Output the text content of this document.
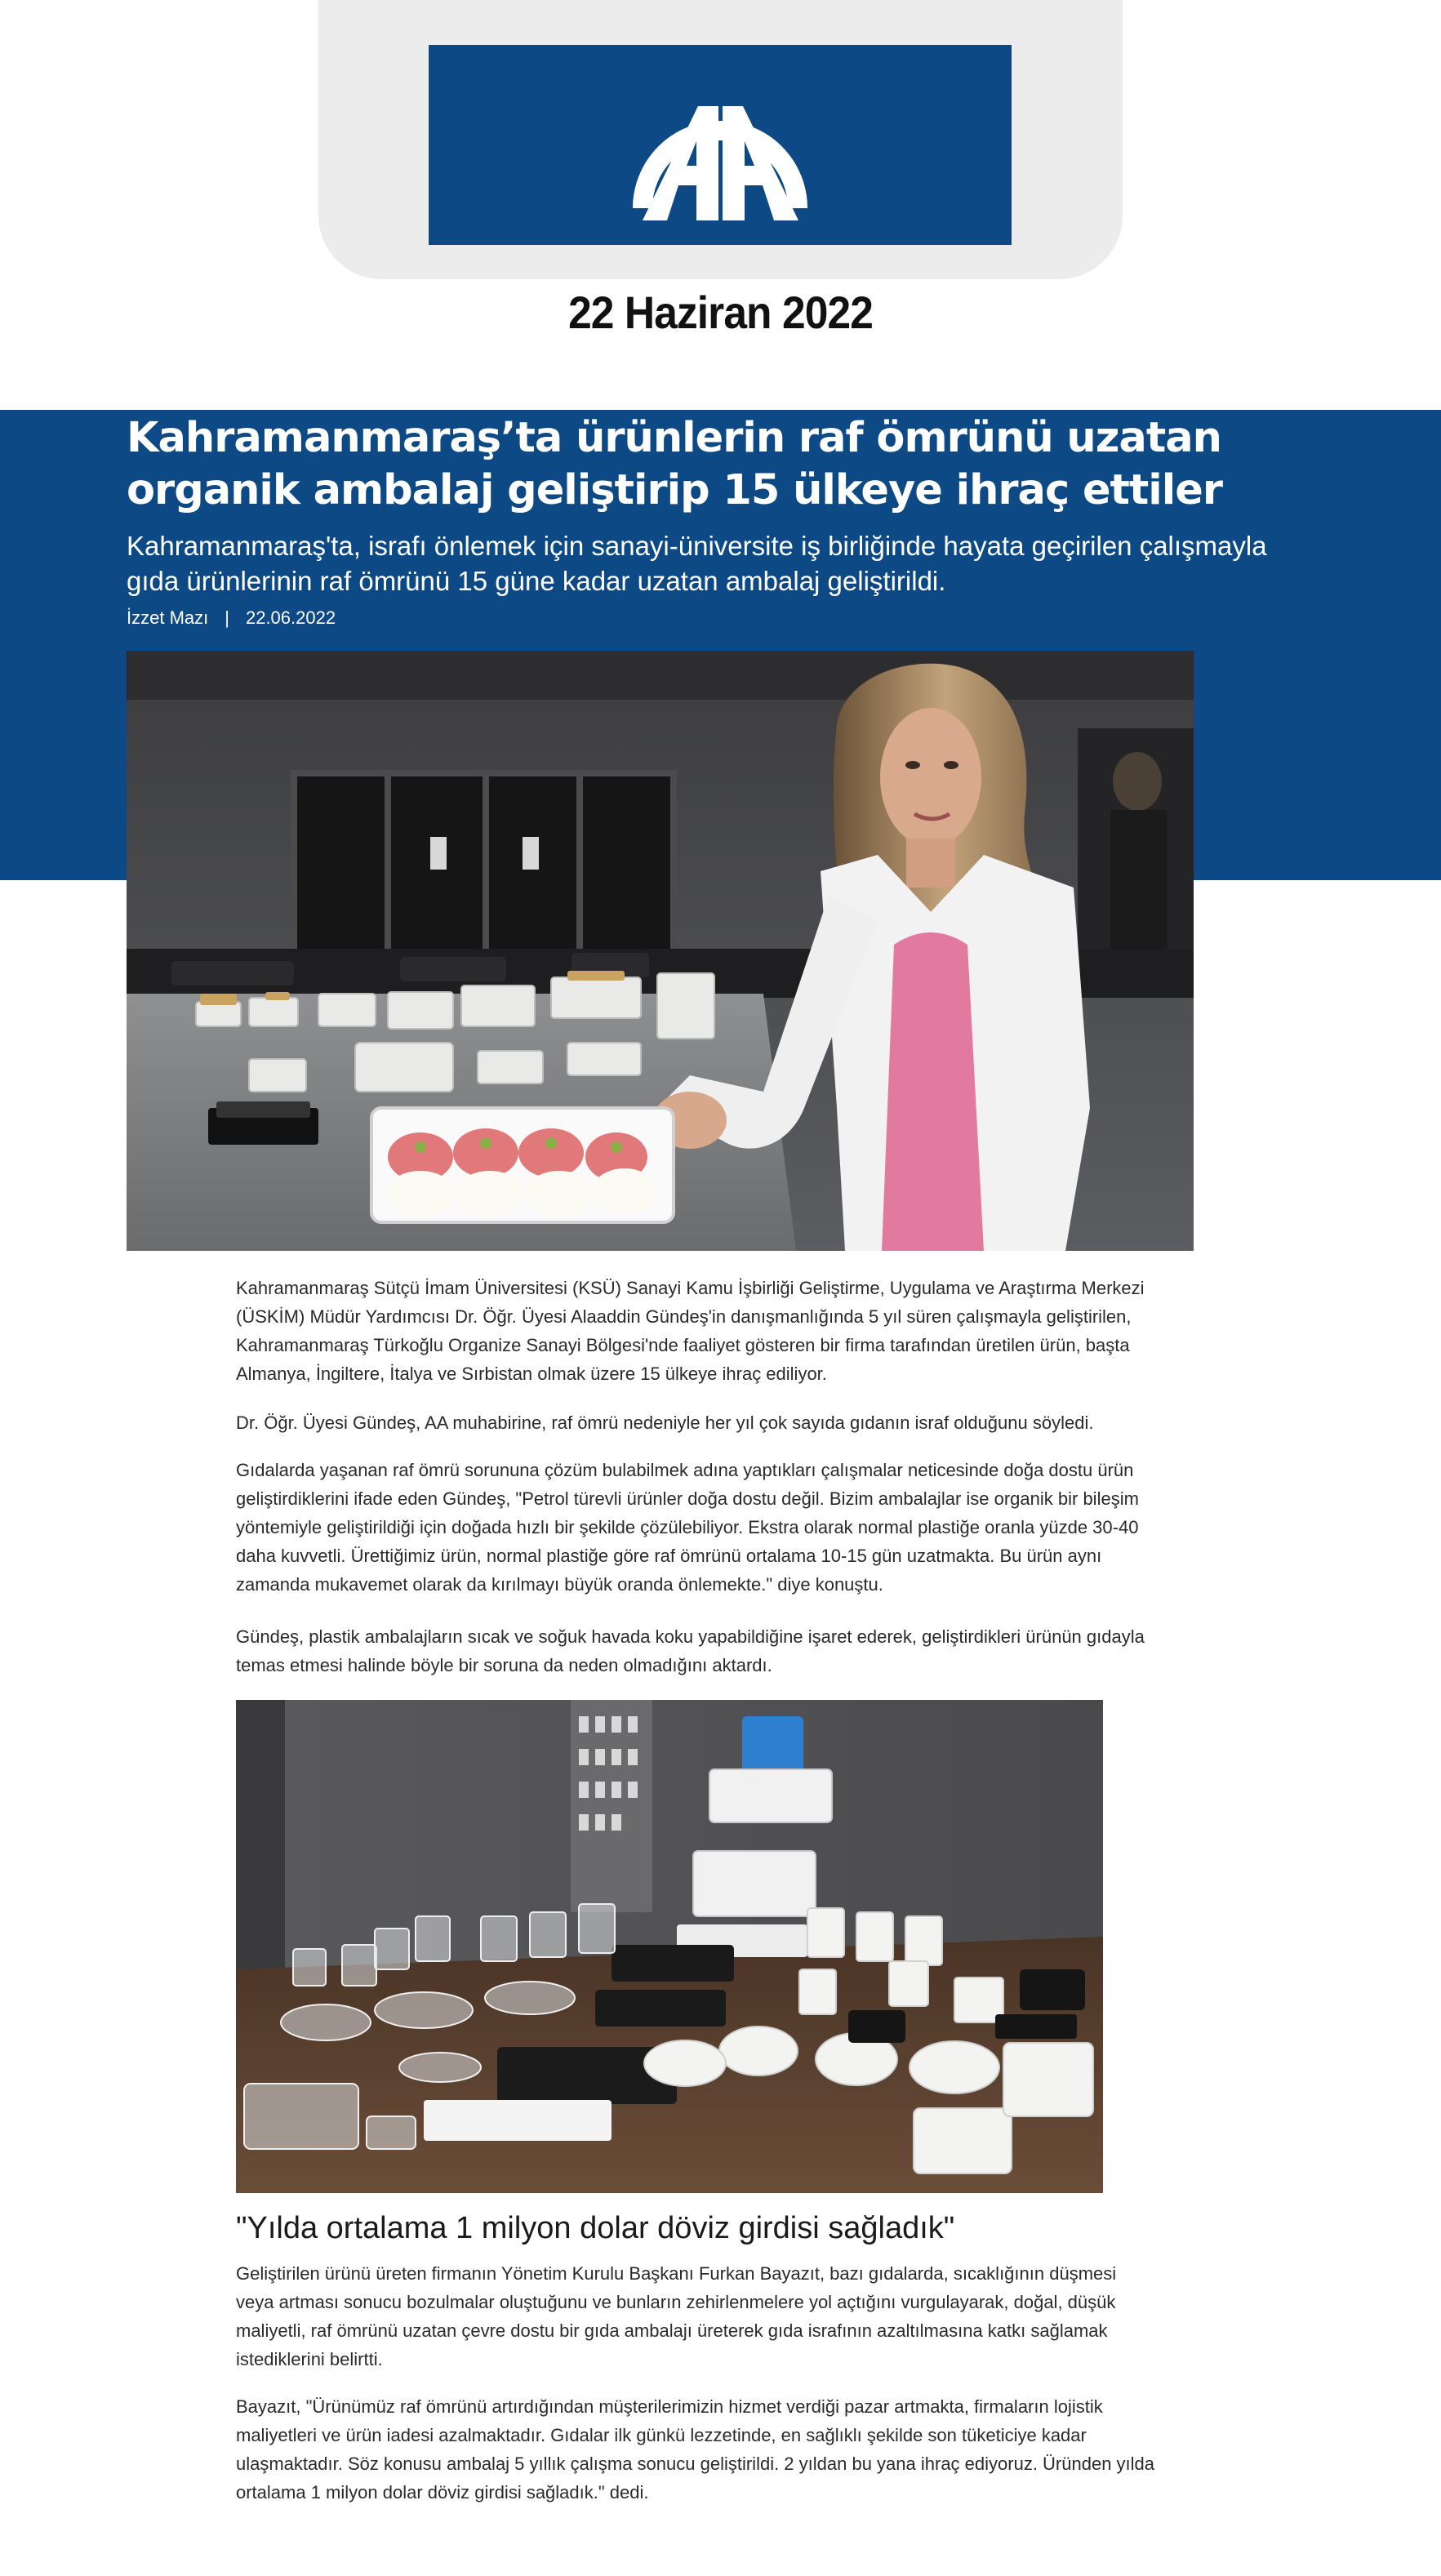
22 Haziran 2022
Kahramanmaraş’ta ürünlerin raf ömrünü uzatan organik ambalaj geliştirip 15 ülkeye ihraç ettiler

Kahramanmaraş'ta, israfı önlemek için sanayi-üniversite iş birliğinde hayata geçirilen çalışmayla gıda ürünlerinin raf ömrünü 15 güne kadar uzatan ambalaj geliştirildi.

İzzet Mazı | 22.06.2022

Kahramanmaraş Sütçü İmam Üniversitesi (KSÜ) Sanayi Kamu İşbirliği Geliştirme, Uygulama ve Araştırma Merkezi (ÜSKİM) Müdür Yardımcısı Dr. Öğr. Üyesi Alaaddin Gündeş'in danışmanlığında 5 yıl süren çalışmayla geliştirilen, Kahramanmaraş Türkoğlu Organize Sanayi Bölgesi'nde faaliyet gösteren bir firma tarafından üretilen ürün, başta Almanya, İngiltere, İtalya ve Sırbistan olmak üzere 15 ülkeye ihraç ediliyor.

Dr. Öğr. Üyesi Gündeş, AA muhabirine, raf ömrü nedeniyle her yıl çok sayıda gıdanın israf olduğunu söyledi.

Gıdalarda yaşanan raf ömrü sorununa çözüm bulabilmek adına yaptıkları çalışmalar neticesinde doğa dostu ürün geliştirdiklerini ifade eden Gündeş, "Petrol türevli ürünler doğa dostu değil. Bizim ambalajlar ise organik bir bileşim yöntemiyle geliştirildiği için doğada hızlı bir şekilde çözülebiliyor. Ekstra olarak normal plastiğe oranla yüzde 30-40 daha kuvvetli. Ürettiğimiz ürün, normal plastiğe göre raf ömrünü ortalama 10-15 gün uzatmakta. Bu ürün aynı zamanda mukavemet olarak da kırılmayı büyük oranda önlemekte." diye konuştu.

Gündeş, plastik ambalajların sıcak ve soğuk havada koku yapabildiğine işaret ederek, geliştirdikleri ürünün gıdayla temas etmesi halinde böyle bir soruna da neden olmadığını aktardı.

"Yılda ortalama 1 milyon dolar döviz girdisi sağladık"

Geliştirilen ürünü üreten firmanın Yönetim Kurulu Başkanı Furkan Bayazıt, bazı gıdalarda, sıcaklığının düşmesi veya artması sonucu bozulmalar oluştuğunu ve bunların zehirlenmelere yol açtığını vurgulayarak, doğal, düşük maliyetli, raf ömrünü uzatan çevre dostu bir gıda ambalajı üreterek gıda israfının azaltılmasına katkı sağlamak istediklerini belirtti.

Bayazıt, "Ürünümüz raf ömrünü artırdığından müşterilerimizin hizmet verdiği pazar artmakta, firmaların lojistik maliyetleri ve ürün iadesi azalmaktadır. Gıdalar ilk günkü lezzetinde, en sağlıklı şekilde son tüketiciye kadar ulaşmaktadır. Söz konusu ambalaj 5 yıllık çalışma sonucu geliştirildi. 2 yıldan bu yana ihraç ediyoruz. Üründen yılda ortalama 1 milyon dolar döviz girdisi sağladık." dedi.
